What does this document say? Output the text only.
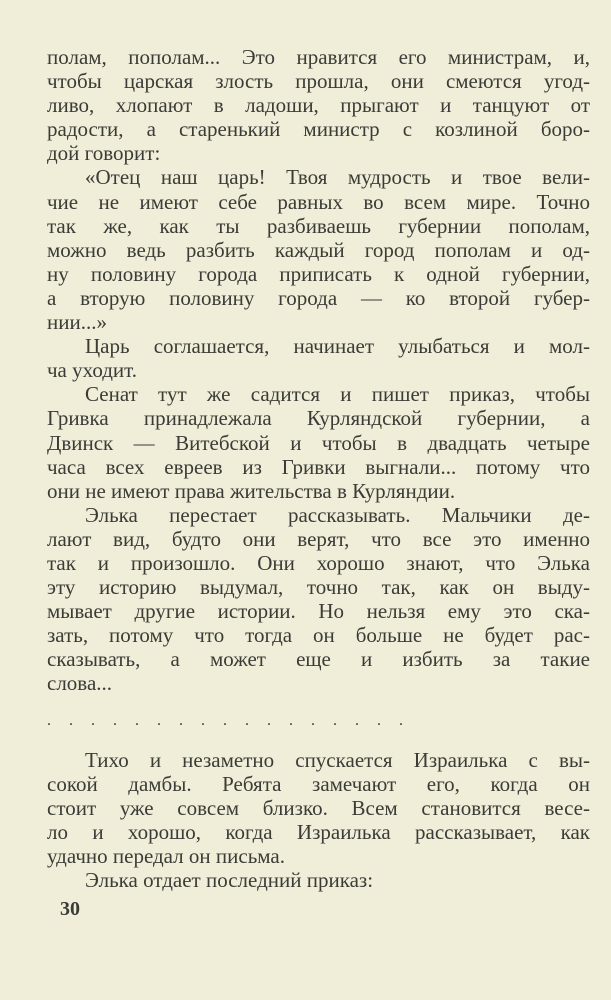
полам, пополам... Это нравится его министрам, и,
чтобы царская злость прошла, они смеются угод-
ливо, хлопают в ладоши, прыгают и танцуют от
радости, а старенький министр с козлиной боро-
дой говорит:
«Отец наш царь! Твоя мудрость и твое вели-
чие не имеют себе равных во всем мире. Точно
так же, как ты разбиваешь губернии пополам,
можно ведь разбить каждый город пополам и од-
ну половину города приписать к одной губернии,
а вторую половину города — ко второй губер-
нии...»
Царь соглашается, начинает улыбаться и мол-
ча уходит.
Сенат тут же садится и пишет приказ, чтобы
Гривка принадлежала Курляндской губернии, а
Двинск — Витебской и чтобы в двадцать четыре
часа всех евреев из Гривки выгнали... потому что
они не имеют права жительства в Курляндии.
Элька перестает рассказывать. Мальчики де-
лают вид, будто они верят, что все это именно
так и произошло. Они хорошо знают, что Элька
эту историю выдумал, точно так, как он выду-
мывает другие истории. Но нельзя ему это ска-
зать, потому что тогда он больше не будет рас-
сказывать, а может еще и избить за такие
слова...
. . . . . . . . . . . . . . . . .
Тихо и незаметно спускается Израилька с вы-
сокой дамбы. Ребята замечают его, когда он
стоит уже совсем близко. Всем становится весе-
ло и хорошо, когда Израилька рассказывает, как
удачно передал он письма.
Элька отдает последний приказ:
30
